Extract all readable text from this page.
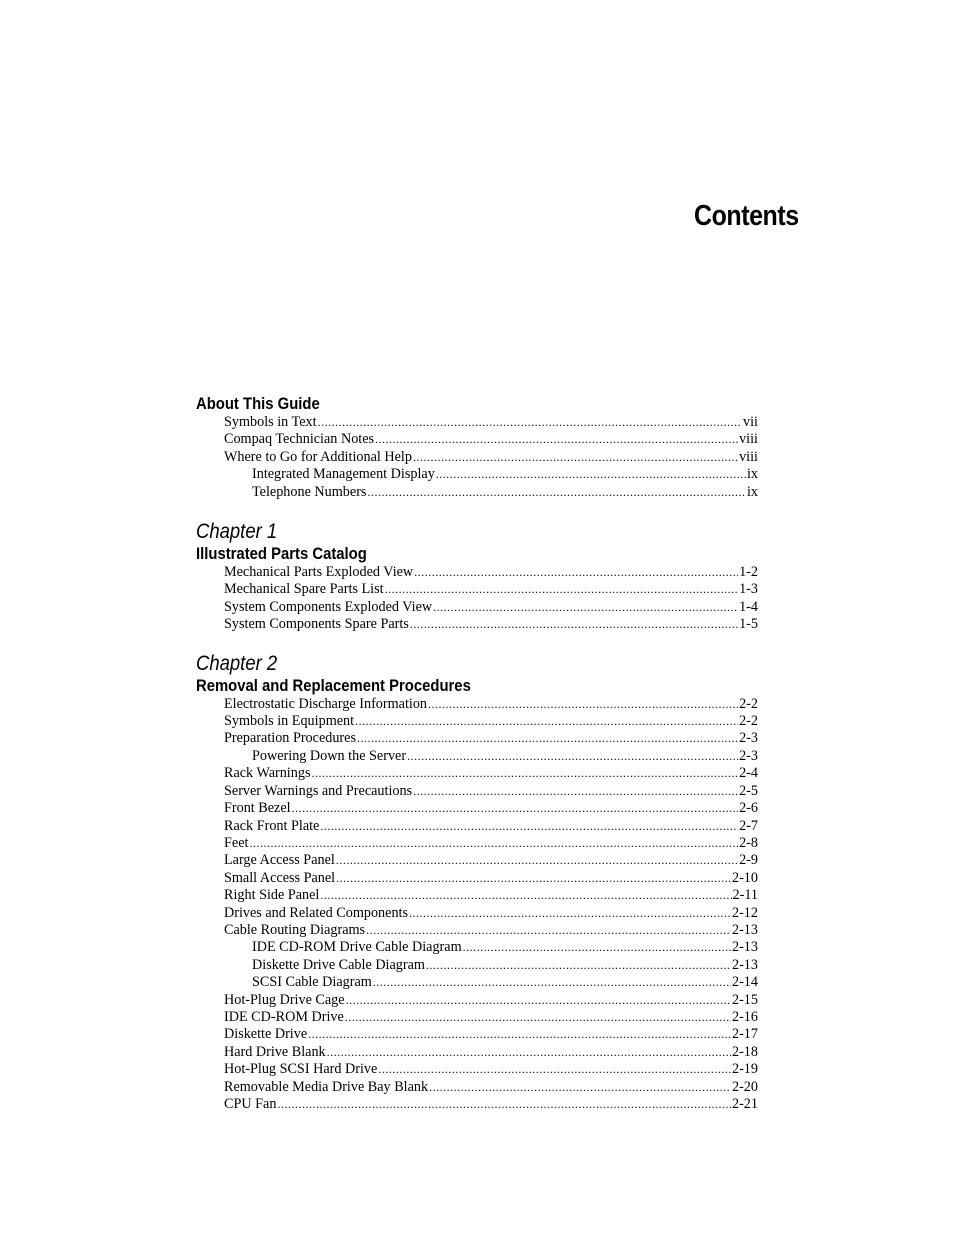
Contents
About This Guide
Symbols in Text .....	vii
Compaq Technician Notes .....	viii
Where to Go for Additional Help .....	viii
Integrated Management Display .....	ix
Telephone Numbers .....	ix
Chapter 1
Illustrated Parts Catalog
Mechanical Parts Exploded View .....	1-2
Mechanical Spare Parts List .....	1-3
System Components Exploded View .....	1-4
System Components Spare Parts .....	1-5
Chapter 2
Removal and Replacement Procedures
Electrostatic Discharge Information .....	2-2
Symbols in Equipment .....	2-2
Preparation Procedures .....	2-3
Powering Down the Server .....	2-3
Rack Warnings .....	2-4
Server Warnings and Precautions .....	2-5
Front Bezel .....	2-6
Rack Front Plate .....	2-7
Feet .....	2-8
Large Access Panel .....	2-9
Small Access Panel .....	2-10
Right Side Panel .....	2-11
Drives and Related Components .....	2-12
Cable Routing Diagrams .....	2-13
IDE CD-ROM Drive Cable Diagram .....	2-13
Diskette Drive Cable Diagram .....	2-13
SCSI Cable Diagram .....	2-14
Hot-Plug Drive Cage .....	2-15
IDE CD-ROM Drive .....	2-16
Diskette Drive .....	2-17
Hard Drive Blank .....	2-18
Hot-Plug SCSI Hard Drive .....	2-19
Removable Media Drive Bay Blank .....	2-20
CPU Fan .....	2-21
